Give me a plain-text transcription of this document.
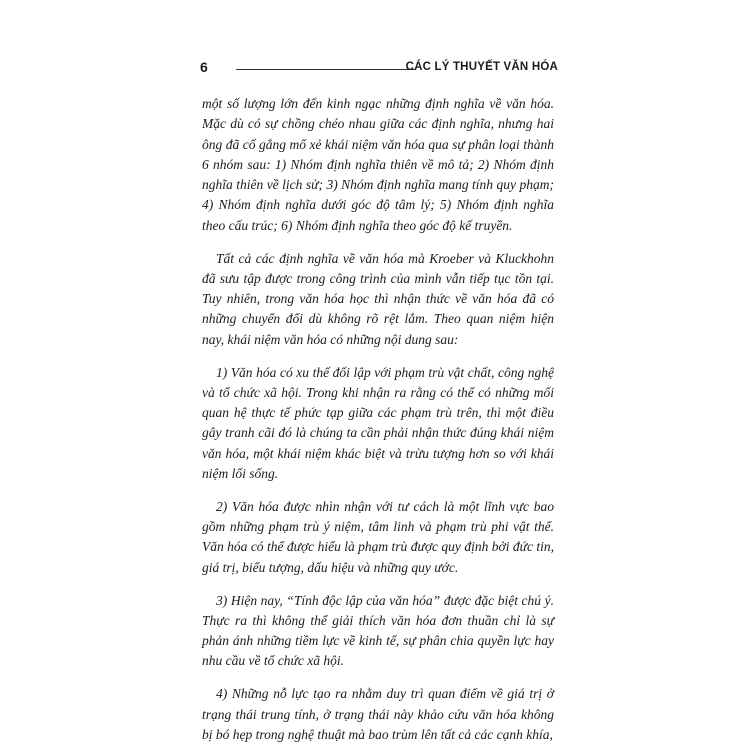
6	CÁC LÝ THUYẾT VĂN HÓA

một số lượng lớn đến kinh ngạc những định nghĩa về văn hóa. Mặc dù có sự chồng chéo nhau giữa các định nghĩa, nhưng hai ông đã cố gắng mổ xẻ khái niệm văn hóa qua sự phân loại thành 6 nhóm sau: 1) Nhóm định nghĩa thiên về mô tả; 2) Nhóm định nghĩa thiên về lịch sử; 3) Nhóm định nghĩa mang tính quy phạm; 4) Nhóm định nghĩa dưới góc độ tâm lý; 5) Nhóm định nghĩa theo cấu trúc; 6) Nhóm định nghĩa theo góc độ kế truyền.

Tất cả các định nghĩa về văn hóa mà Kroeber và Kluckhohn đã sưu tập được trong công trình của mình vẫn tiếp tục tồn tại. Tuy nhiên, trong văn hóa học thì nhận thức về văn hóa đã có những chuyển đổi dù không rõ rệt lắm. Theo quan niệm hiện nay, khái niệm văn hóa có những nội dung sau:

1) Văn hóa có xu thế đối lập với phạm trù vật chất, công nghệ và tổ chức xã hội. Trong khi nhận ra rằng có thể có những mối quan hệ thực tế phức tạp giữa các phạm trù trên, thì một điều gây tranh cãi đó là chúng ta cần phải nhận thức đúng khái niệm văn hóa, một khái niệm khác biệt và trừu tượng hơn so với khái niệm lối sống.

2) Văn hóa được nhìn nhận với tư cách là một lĩnh vực bao gồm những phạm trù ý niệm, tâm linh và phạm trù phi vật thể. Văn hóa có thể được hiểu là phạm trù được quy định bởi đức tin, giá trị, biểu tượng, dấu hiệu và những quy ước.

3) Hiện nay, “Tính độc lập của văn hóa” được đặc biệt chú ý. Thực ra thì không thể giải thích văn hóa đơn thuần chỉ là sự phản ánh những tiềm lực về kinh tế, sự phân chia quyền lực hay nhu cầu về tổ chức xã hội.

4) Những nỗ lực tạo ra nhằm duy trì quan điểm về giá trị ở trạng thái trung tính, ở trạng thái này khảo cứu văn hóa không bị bó hẹp trong nghệ thuật mà bao trùm lên tất cả các cạnh khía,
